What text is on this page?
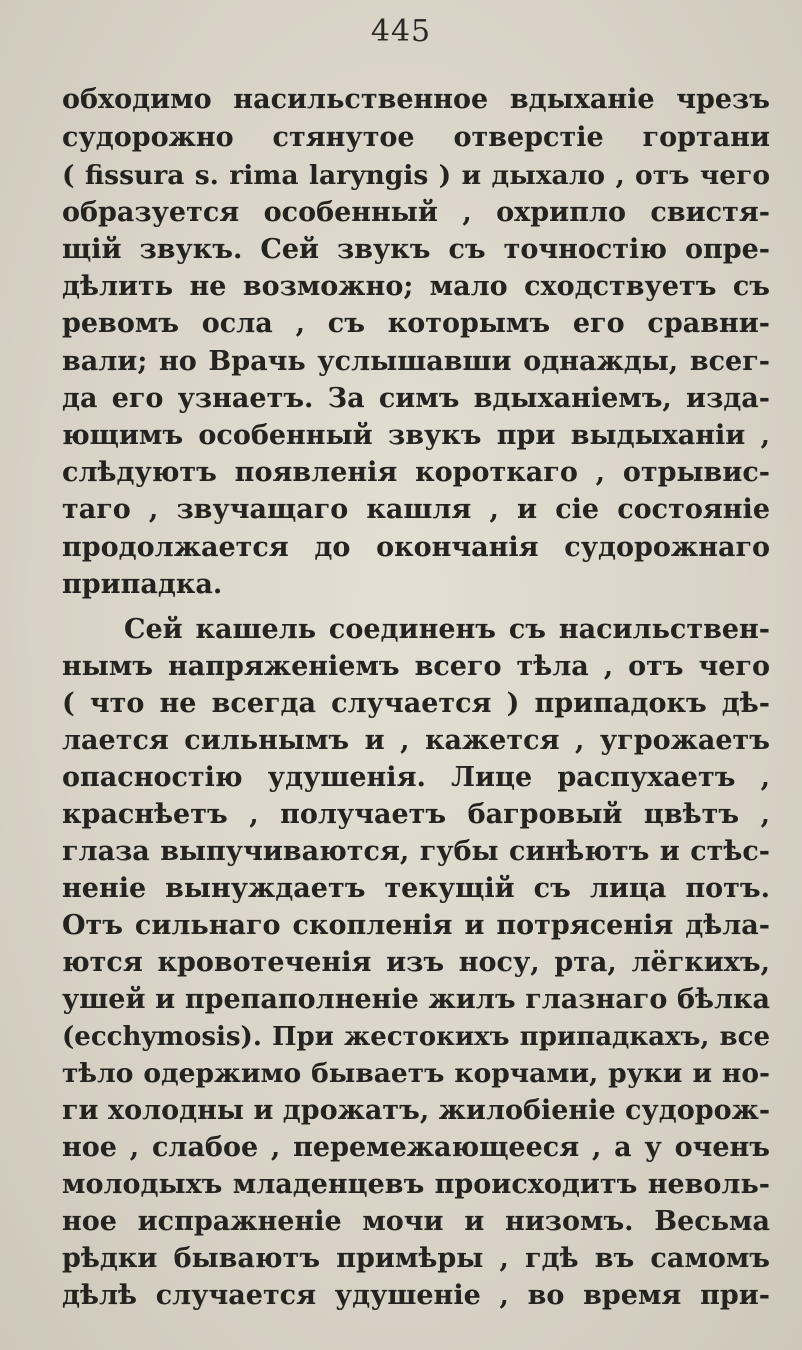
445
обходимо насильственное вдыханіе чрезъ
судорожно стянутое отверстіе гортани
( fissura s. rima laryngis ) и дыхало , отъ чего
образуется особенный , охрипло свистя-
щій звукъ. Сей звукъ съ точностію опре-
дѣлить не возможно; мало сходствуетъ съ
ревомъ осла , съ которымъ его сравни-
вали; но Врачь услышавши однажды, всег-
да его узнаетъ. За симъ вдыханіемъ, изда-
ющимъ особенный звукъ при выдыханіи ,
слѣдуютъ появленія короткаго , отрывис-
таго , звучащаго кашля , и сіе состояніе
продолжается до окончанія судорожнаго
припадка.
Сей кашель соединенъ съ насильствен-
нымъ напряженіемъ всего тѣла , отъ чего
( что не всегда случается ) припадокъ дѣ-
лается сильнымъ и , кажется , угрожаетъ
опасностію удушенія. Лице распухаетъ ,
краснѣетъ , получаетъ багровый цвѣтъ ,
глаза выпучиваются, губы синѣютъ и стѣс-
неніе вынуждаетъ текущій съ лица потъ.
Отъ сильнаго скопленія и потрясенія дѣла-
ются кровотеченія изъ носу, рта, лёгкихъ,
ушей и препаполненіе жилъ глазнаго бѣлка
(ecchymosis). При жестокихъ припадкахъ, все
тѣло одержимо бываетъ корчами, руки и но-
ги холодны и дрожатъ, жилобіеніе судорож-
ное , слабое , перемежающееся , а у оченъ
молодыхъ младенцевъ происходитъ неволь-
ное испражненіе мочи и низомъ. Весьма
рѣдки бываютъ примѣры , гдѣ въ самомъ
дѣлѣ случается удушеніе , во время при-
